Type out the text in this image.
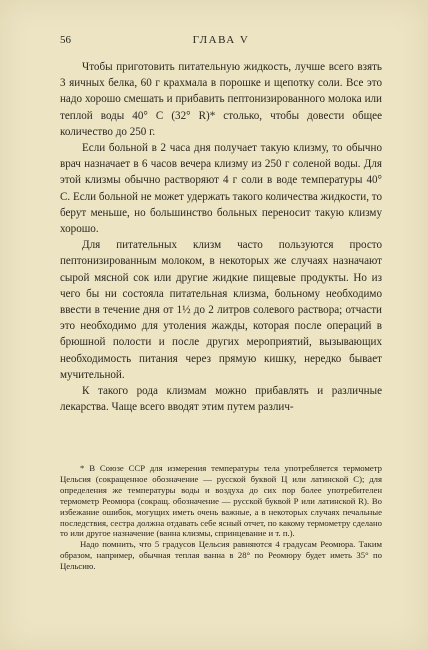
56	ГЛАВА V

Чтобы приготовить питательную жидкость, лучше всего взять 3 яичных белка, 60 г крахмала в порошке и щепотку соли. Все это надо хорошо смешать и прибавить пептонизированного молока или теплой воды 40° С (32° R)* столько, чтобы довести общее количество до 250 г.

Если больной в 2 часа дня получает такую клизму, то обычно врач назначает в 6 часов вечера клизму из 250 г соленой воды. Для этой клизмы обычно растворяют 4 г соли в воде температуры 40° С. Если больной не может удержать такого количества жидкости, то берут меньше, но большинство больных переносит такую клизму хорошо.

Для питательных клизм часто пользуются просто пептонизированным молоком, в некоторых же случаях назначают сырой мясной сок или другие жидкие пищевые продукты. Но из чего бы ни состояла питательная клизма, больному необходимо ввести в течение дня от 1½ до 2 литров солевого раствора; отчасти это необходимо для утоления жажды, которая после операций в брюшной полости и после других мероприятий, вызывающих необходимость питания через прямую кишку, нередко бывает мучительной.

К такого рода клизмам можно прибавлять и различные лекарства. Чаще всего вводят этим путем различ-

* В Союзе ССР для измерения температуры тела употребляется термометр Цельсия (сокращенное обозначение — русской буквой Ц или латинской С); для определения же температуры воды и воздуха до сих пор более употребителен термометр Реомюра (сокращ. обозначение — русской буквой Р или латинской R). Во избежание ошибок, могущих иметь очень важные, а в некоторых случаях печальные последствия, сестра должна отдавать себе ясный отчет, по какому термометру сделано то или другое назначение (ванна клизмы, спринцевание и т. п.).

Надо помнить, что 5 градусов Цельсия равняются 4 градусам Реомюра. Таким образом, например, обычная теплая ванна в 28° по Реомюру будет иметь 35° по Цельсию.
